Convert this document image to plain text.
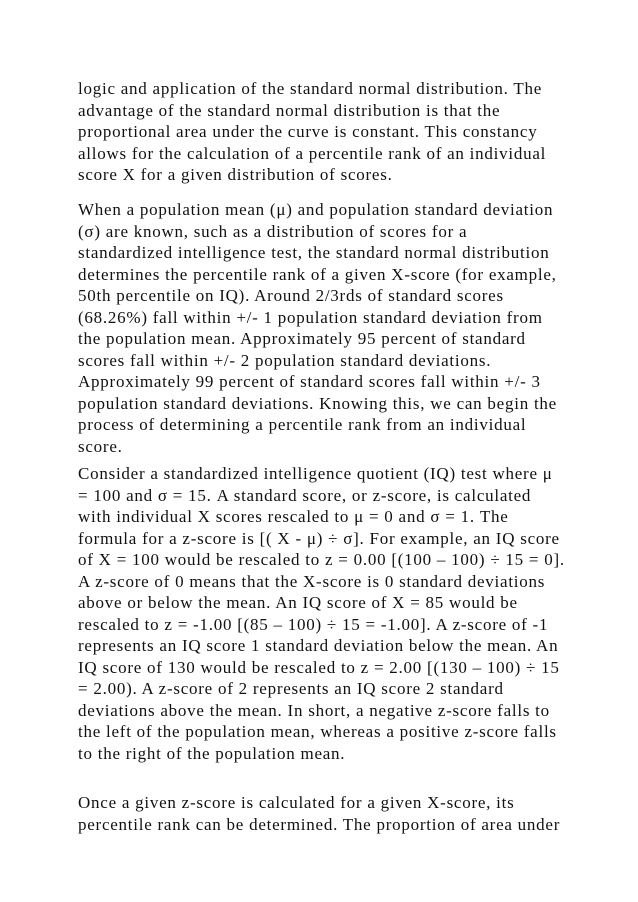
logic and application of the standard normal distribution. The
advantage of the standard normal distribution is that the
proportional area under the curve is constant. This constancy
allows for the calculation of a percentile rank of an individual
score X for a given distribution of scores.
When a population mean (μ) and population standard deviation
(σ) are known, such as a distribution of scores for a
standardized intelligence test, the standard normal distribution
determines the percentile rank of a given X-score (for example,
50th percentile on IQ). Around 2/3rds of standard scores
(68.26%) fall within +/- 1 population standard deviation from
the population mean. Approximately 95 percent of standard
scores fall within +/- 2 population standard deviations.
Approximately 99 percent of standard scores fall within +/- 3
population standard deviations. Knowing this, we can begin the
process of determining a percentile rank from an individual
score.
Consider a standardized intelligence quotient (IQ) test where μ
= 100 and σ = 15. A standard score, or z-score, is calculated
with individual X scores rescaled to μ = 0 and σ = 1. The
formula for a z-score is [( X - μ) ÷ σ]. For example, an IQ score
of X = 100 would be rescaled to z = 0.00 [(100 – 100) ÷ 15 = 0].
A z-score of 0 means that the X-score is 0 standard deviations
above or below the mean. An IQ score of X = 85 would be
rescaled to z = -1.00 [(85 – 100) ÷ 15 = -1.00]. A z-score of -1
represents an IQ score 1 standard deviation below the mean. An
IQ score of 130 would be rescaled to z = 2.00 [(130 – 100) ÷ 15
= 2.00). A z-score of 2 represents an IQ score 2 standard
deviations above the mean. In short, a negative z-score falls to
the left of the population mean, whereas a positive z-score falls
to the right of the population mean.
Once a given z-score is calculated for a given X-score, its
percentile rank can be determined. The proportion of area under
